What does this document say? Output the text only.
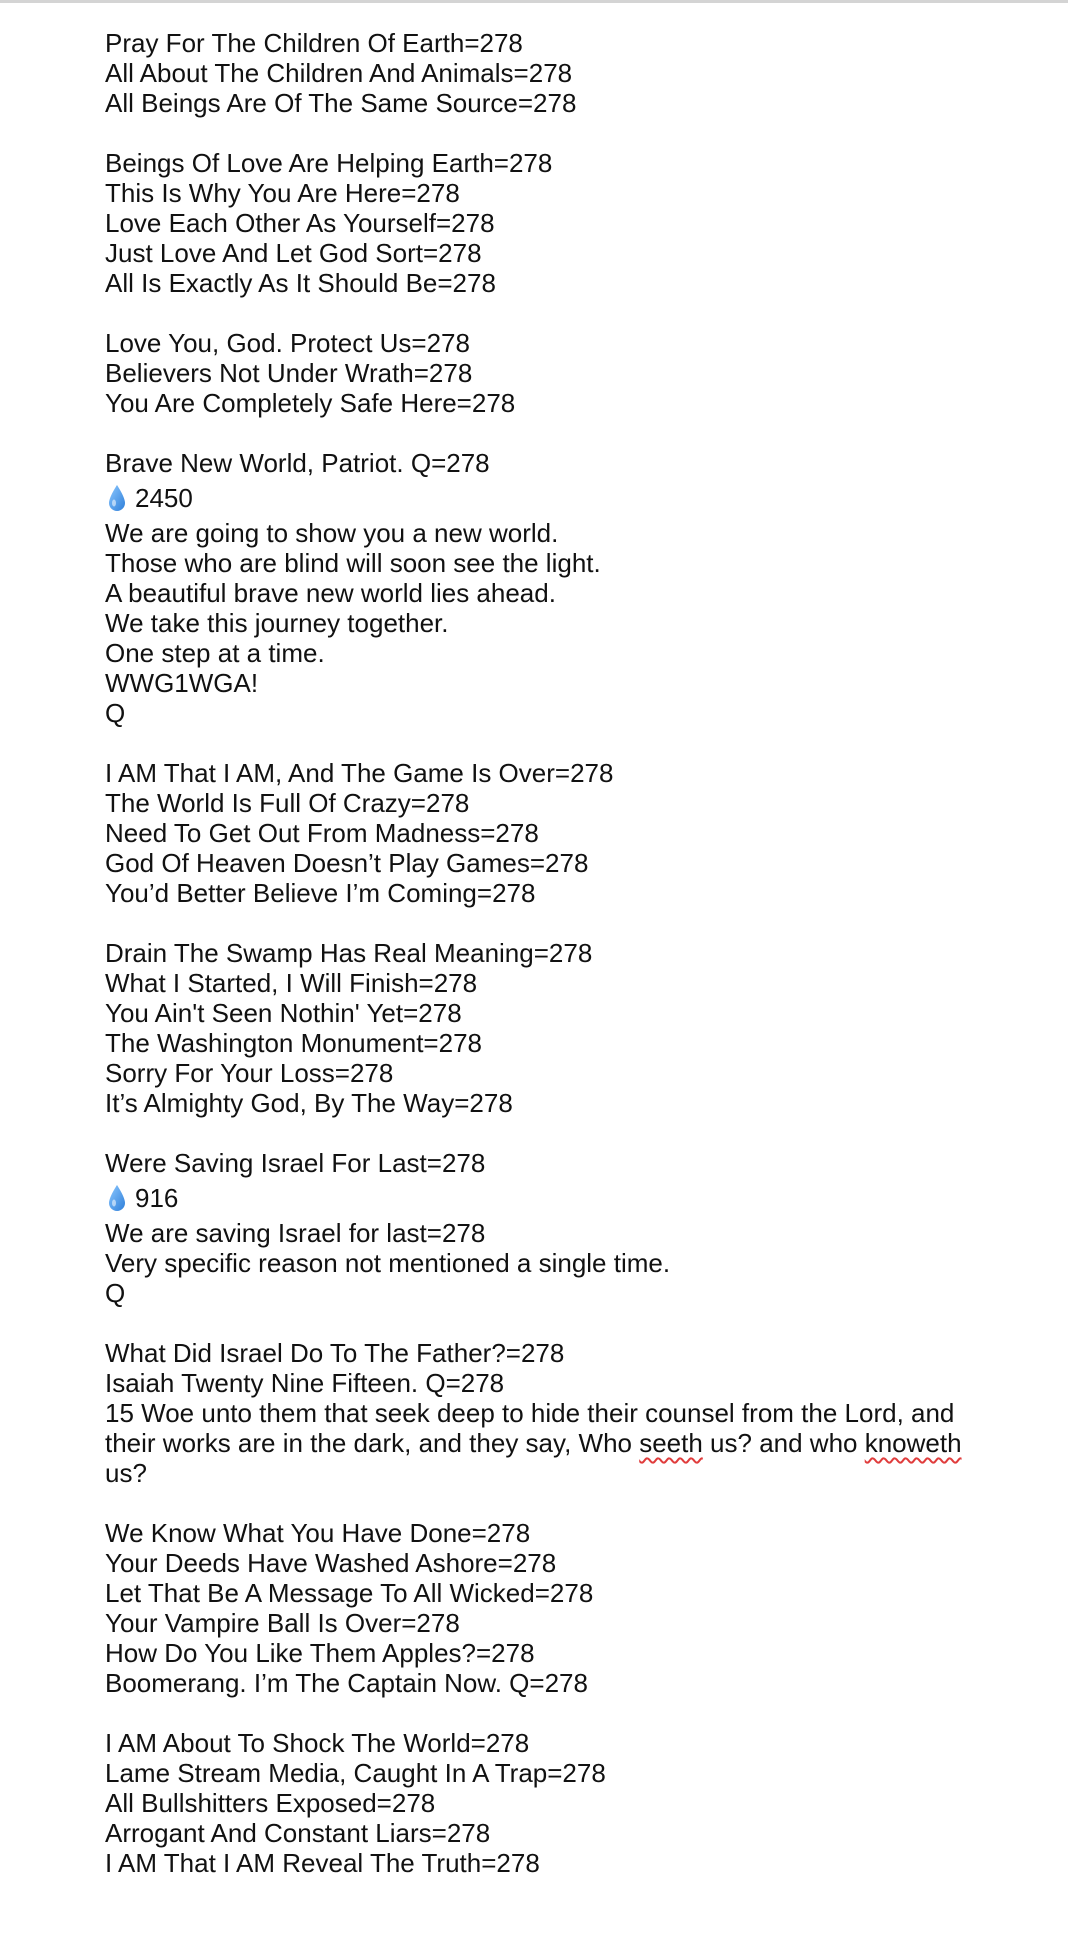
Pray For The Children Of Earth=278
All About The Children And Animals=278
All Beings Are Of The Same Source=278
Beings Of Love Are Helping Earth=278
This Is Why You Are Here=278
Love Each Other As Yourself=278
Just Love And Let God Sort=278
All Is Exactly As It Should Be=278
Love You, God. Protect Us=278
Believers Not Under Wrath=278
You Are Completely Safe Here=278
Brave New World, Patriot. Q=278
2450
We are going to show you a new world.
Those who are blind will soon see the light.
A beautiful brave new world lies ahead.
We take this journey together.
One step at a time.
WWG1WGA!
Q
I AM That I AM, And The Game Is Over=278
The World Is Full Of Crazy=278
Need To Get Out From Madness=278
God Of Heaven Doesn’t Play Games=278
You’d Better Believe I’m Coming=278
Drain The Swamp Has Real Meaning=278
What I Started, I Will Finish=278
You Ain't Seen Nothin' Yet=278
The Washington Monument=278
Sorry For Your Loss=278
It’s Almighty God, By The Way=278
Were Saving Israel For Last=278
916
We are saving Israel for last=278
Very specific reason not mentioned a single time.
Q
What Did Israel Do To The Father?=278
Isaiah Twenty Nine Fifteen. Q=278
15 Woe unto them that seek deep to hide their counsel from the Lord, and their works are in the dark, and they say, Who seeth us? and who knoweth us?
We Know What You Have Done=278
Your Deeds Have Washed Ashore=278
Let That Be A Message To All Wicked=278
Your Vampire Ball Is Over=278
How Do You Like Them Apples?=278
Boomerang. I’m The Captain Now. Q=278
I AM About To Shock The World=278
Lame Stream Media, Caught In A Trap=278
All Bullshitters Exposed=278
Arrogant And Constant Liars=278
I AM That I AM Reveal The Truth=278
